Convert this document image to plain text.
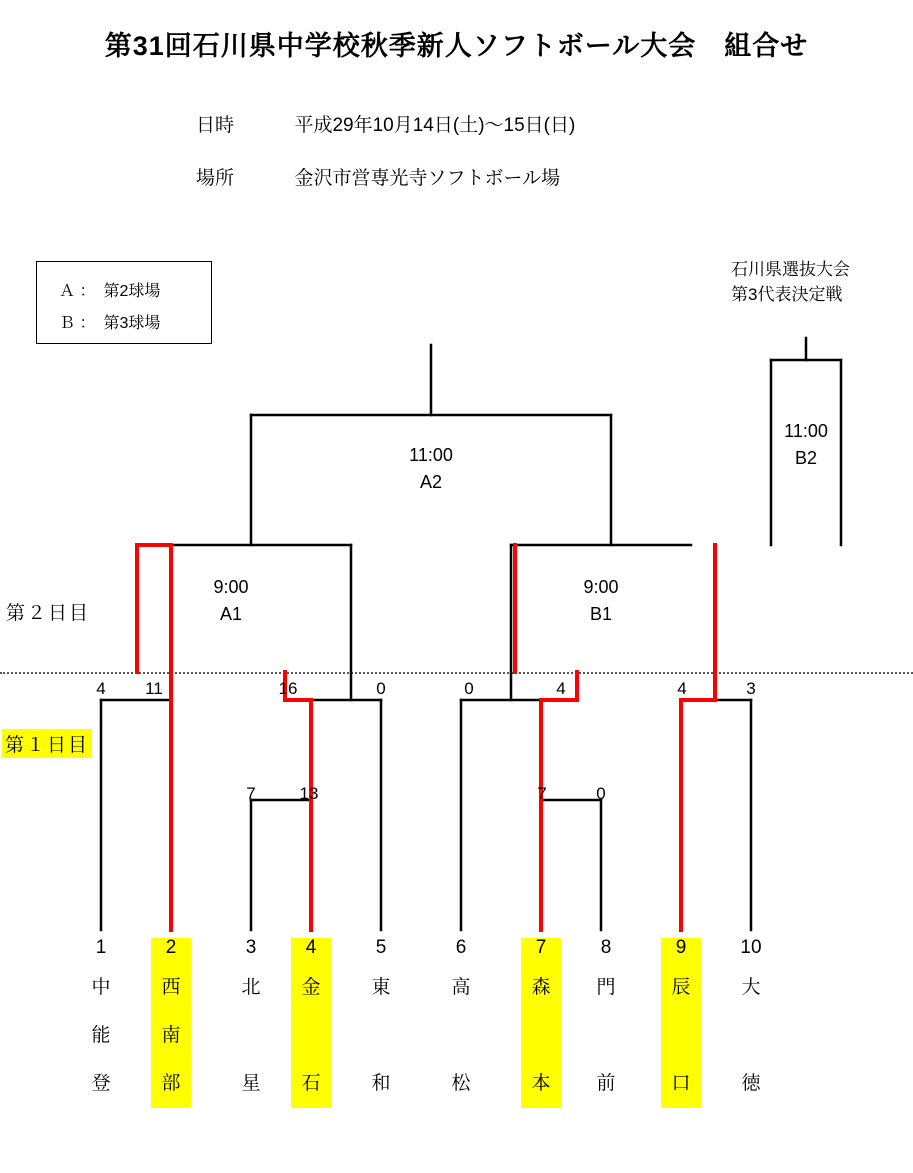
第31回石川県中学校秋季新人ソフトボール大会　組合せ
日時	平成29年10月14日(土)～15日(日)
場所	金沢市営専光寺ソフトボール場
Ａ ：　第2球場
Ｂ ：　第3球場
石川県選抜大会
第3代表決定戦
第２日目
第１日目
11:00
A2
9:00
A1
9:00
B1
11:00
B2
4	11	16	0	0	4	4	3
7	13	7	0
1
中
能
登
2
西
南
部
3
北
星
4
金
石
5
東
和
6
高
松
7
森
本
8
門
前
9
辰
口
10
大
徳
